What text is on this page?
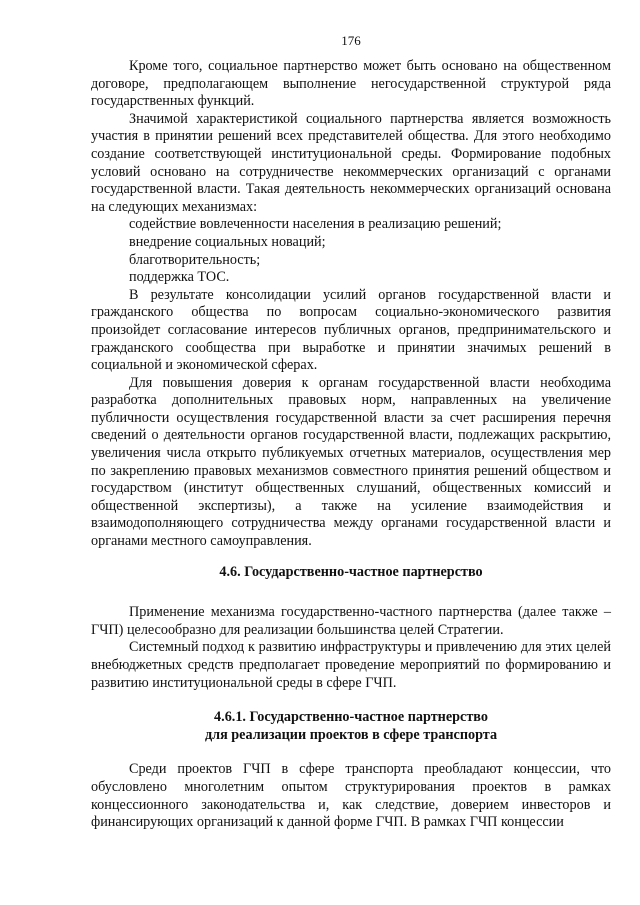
176

Кроме того, социальное партнерство может быть основано на общественном договоре, предполагающем выполнение негосударственной структурой ряда государственных функций.

Значимой характеристикой социального партнерства является возможность участия в принятии решений всех представителей общества. Для этого необходимо создание соответствующей институциональной среды. Формирование подобных условий основано на сотрудничестве некоммерческих организаций с органами государственной власти. Такая деятельность некоммерческих организаций основана на следующих механизмах:

содействие вовлеченности населения в реализацию решений;

внедрение социальных новаций;

благотворительность;

поддержка ТОС.

В результате консолидации усилий органов государственной власти и гражданского общества по вопросам социально-экономического развития произойдет согласование интересов публичных органов, предпринимательского и гражданского сообщества при выработке и принятии значимых решений в социальной и экономической сферах.

Для повышения доверия к органам государственной власти необходима разработка дополнительных правовых норм, направленных на увеличение публичности осуществления государственной власти за счет расширения перечня сведений о деятельности органов государственной власти, подлежащих раскрытию, увеличения числа открыто публикуемых отчетных материалов, осуществления мер по закреплению правовых механизмов совместного принятия решений обществом и государством (институт общественных слушаний, общественных комиссий и общественной экспертизы), а также на усиление взаимодействия и взаимодополняющего сотрудничества между органами государственной власти и органами местного самоуправления.

4.6. Государственно-частное партнерство

Применение механизма государственно-частного партнерства (далее также – ГЧП) целесообразно для реализации большинства целей Стратегии.

Системный подход к развитию инфраструктуры и привлечению для этих целей внебюджетных средств предполагает проведение мероприятий по формированию и развитию институциональной среды в сфере ГЧП.

4.6.1. Государственно-частное партнерство
для реализации проектов в сфере транспорта

Среди проектов ГЧП в сфере транспорта преобладают концессии, что обусловлено многолетним опытом структурирования проектов в рамках концессионного законодательства и, как следствие, доверием инвесторов и финансирующих организаций к данной форме ГЧП. В рамках ГЧП концессии
